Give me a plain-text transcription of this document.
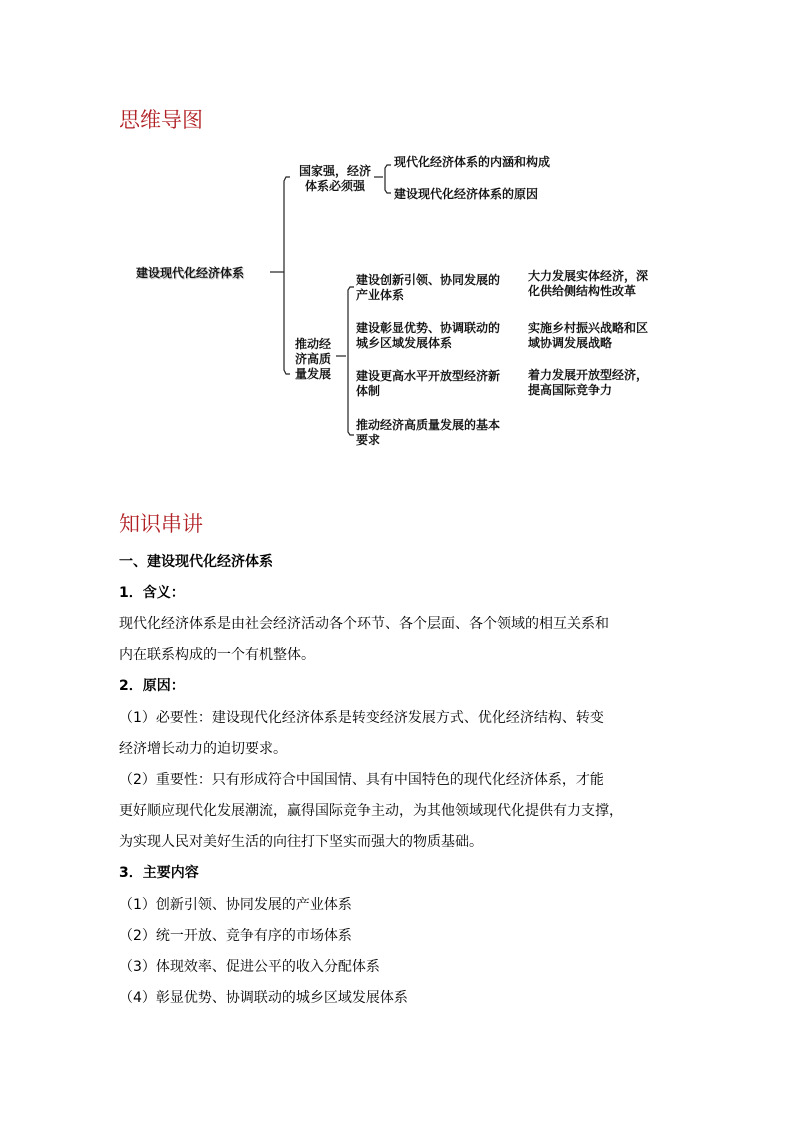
思维导图
建设现代化经济体系
国家强，经济
体系必须强
现代化经济体系的内涵和构成
建设现代化经济体系的原因
推动经
济高质
量发展
建设创新引领、协同发展的
产业体系
大力发展实体经济，深
化供给侧结构性改革
建设彰显优势、协调联动的
城乡区域发展体系
实施乡村振兴战略和区
域协调发展战略
建设更高水平开放型经济新
体制
着力发展开放型经济，
提高国际竞争力
推动经济高质量发展的基本
要求
知识串讲
一、建设现代化经济体系
1．含义：
现代化经济体系是由社会经济活动各个环节、各个层面、各个领域的相互关系和
内在联系构成的一个有机整体。
2．原因：
（1）必要性：建设现代化经济体系是转变经济发展方式、优化经济结构、转变
经济增长动力的迫切要求。
（2）重要性：只有形成符合中国国情、具有中国特色的现代化经济体系，才能
更好顺应现代化发展潮流，赢得国际竞争主动，为其他领域现代化提供有力支撑，
为实现人民对美好生活的向往打下坚实而强大的物质基础。
3．主要内容
（1）创新引领、协同发展的产业体系
（2）统一开放、竞争有序的市场体系
（3）体现效率、促进公平的收入分配体系
（4）彰显优势、协调联动的城乡区域发展体系
